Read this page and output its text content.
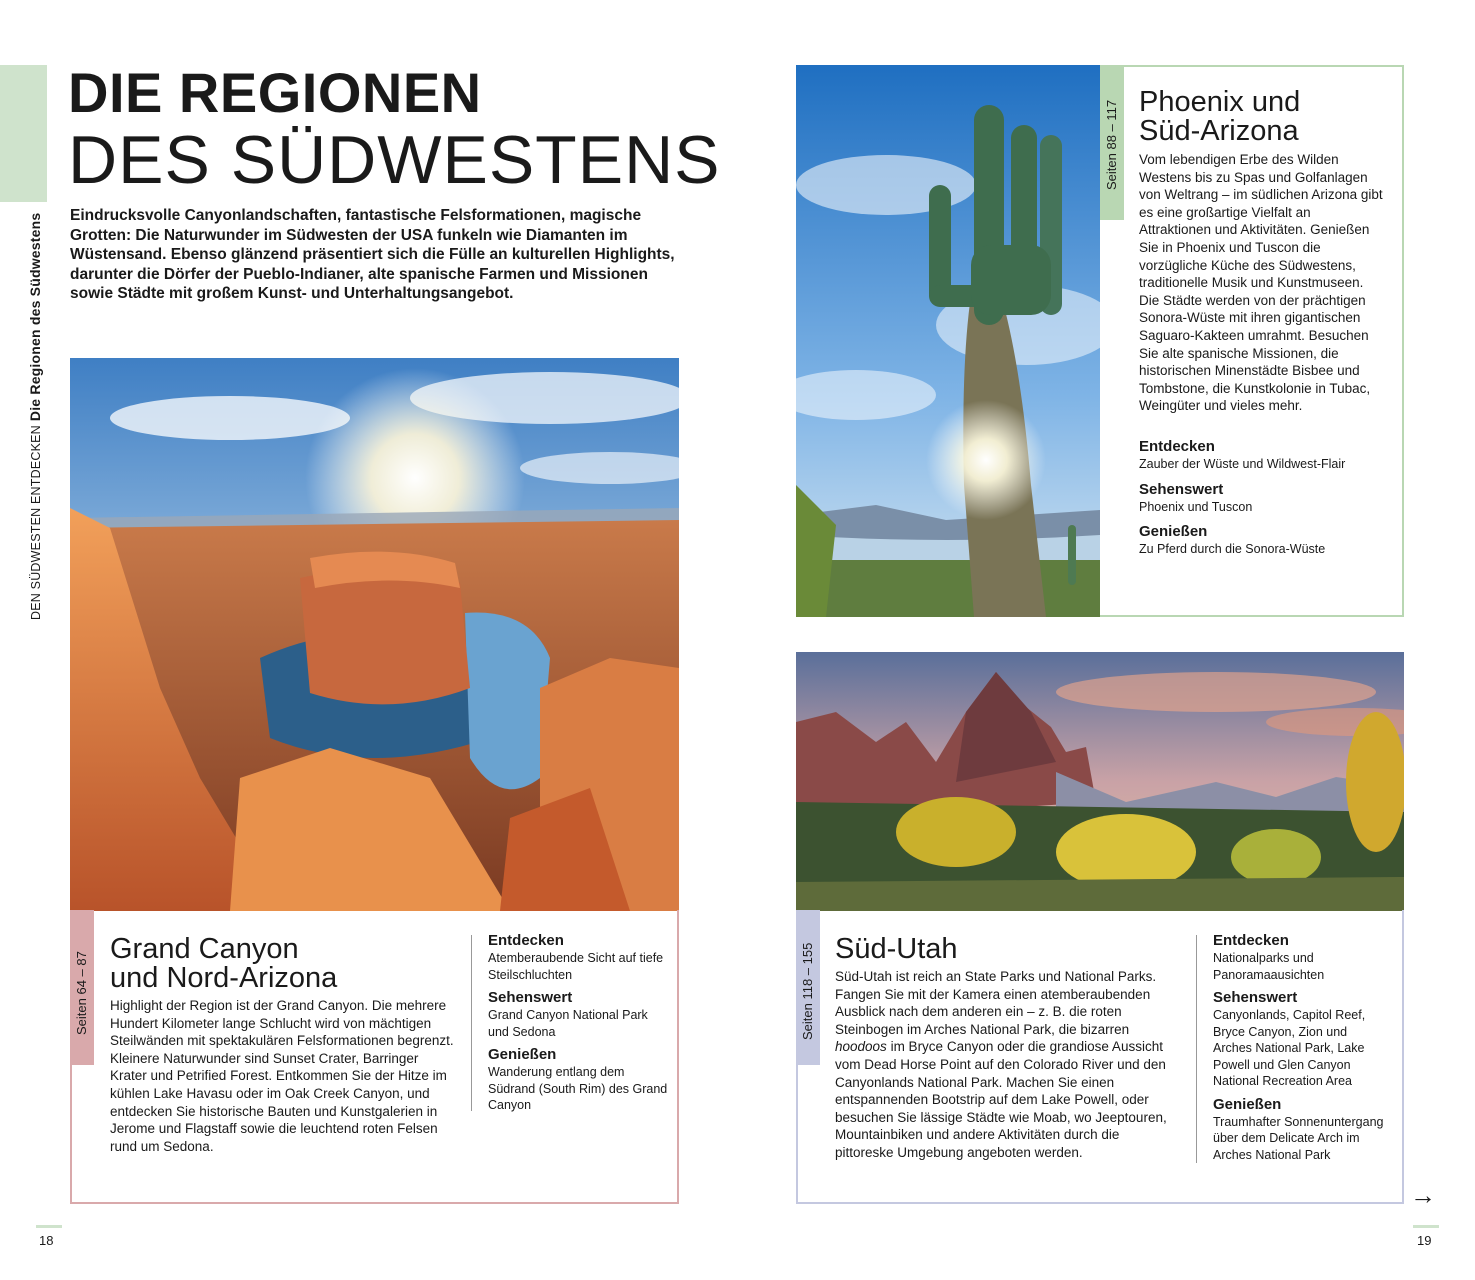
DEN SÜDWESTEN ENTDECKENDie Regionen des Südwestens
DIE REGIONEN
DES SÜDWESTENS
Eindrucksvolle Canyonlandschaften, fantastische Felsformationen, magische Grotten: Die Naturwunder im Südwesten der USA funkeln wie Diamanten im Wüstensand. Ebenso glänzend präsentiert sich die Fülle an kulturellen Highlights, darunter die Dörfer der Pueblo-Indianer, alte spanische Farmen und Missionen sowie Städte mit großem Kunst- und Unterhaltungsangebot.
Seiten 64 – 87
Grand Canyon
und Nord-Arizona
Highlight der Region ist der Grand Canyon. Die mehrere Hundert Kilometer lange Schlucht wird von mächtigen Steilwänden mit spektakulären Felsformationen begrenzt. Kleinere Naturwunder sind Sunset Crater, Barringer Krater und Petrified Forest. Entkommen Sie der Hitze im kühlen Lake Havasu oder im Oak Creek Canyon, und entdecken Sie historische Bauten und Kunstgalerien in Jerome und Flagstaff sowie die leuchtend roten Felsen rund um Sedona.
Entdecken
Atemberaubende Sicht auf tiefe Steilschluchten
Sehenswert
Grand Canyon National Park und Sedona
Genießen
Wanderung entlang dem Südrand (South Rim) des Grand Canyon
Seiten 88 – 117 Phoenix und
Süd-Arizona
Vom lebendigen Erbe des Wilden Westens bis zu Spas und Golfanlagen von Weltrang – im südlichen Arizona gibt es eine großartige Vielfalt an Attraktionen und Aktivitäten. Genießen Sie in Phoenix und Tuscon die vorzügliche Küche des Südwestens, traditionelle Musik und Kunstmuseen. Die Städte werden von der prächtigen Sonora-Wüste mit ihren gigantischen Saguaro-Kakteen umrahmt. Besuchen Sie alte spanische Missionen, die historischen Minenstädte Bisbee und Tombstone, die Kunstkolonie in Tubac, Weingüter und vieles mehr.
Entdecken
Zauber der Wüste und Wildwest-Flair
Sehenswert
Phoenix und Tuscon
Genießen
Zu Pferd durch die Sonora-Wüste
Seiten 118 – 155 Süd-Utah
Süd-Utah ist reich an State Parks und National Parks. Fangen Sie mit der Kamera einen atemberaubenden Ausblick nach dem anderen ein – z. B. die roten Steinbogen im Arches National Park, die bizarren hoodoos im Bryce Canyon oder die grandiose Aussicht vom Dead Horse Point auf den Colorado River und den Canyonlands National Park. Machen Sie einen entspannenden Bootstrip auf dem Lake Powell, oder besuchen Sie lässige Städte wie Moab, wo Jeeptouren, Mountainbiken und andere Aktivitäten durch die pittoreske Umgebung angeboten werden.
Entdecken
Nationalparks und Panoramaausichten
Sehenswert
Canyonlands, Capitol Reef, Bryce Canyon, Zion und Arches National Park, Lake Powell und Glen Canyon National Recreation Area
Genießen
Traumhafter Sonnenuntergang über dem Delicate Arch im Arches National Park
18	19
→
